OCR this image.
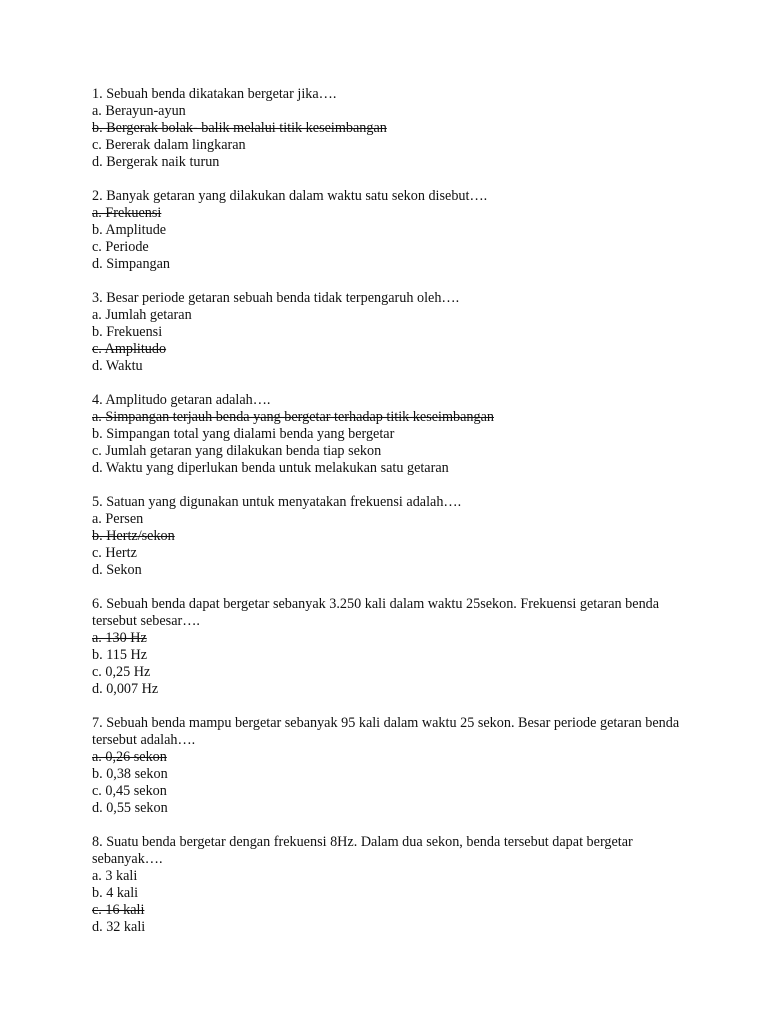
1. Sebuah benda dikatakan bergetar jika….
a. Berayun-ayun
b. Bergerak bolak- balik melalui titik keseimbangan
c. Bererak dalam lingkaran
d. Bergerak naik turun
2. Banyak getaran yang dilakukan dalam waktu satu sekon disebut….
a. Frekuensi
b. Amplitude
c. Periode
d. Simpangan
3. Besar periode getaran sebuah benda tidak terpengaruh oleh….
a. Jumlah getaran
b. Frekuensi
c. Amplitudo
d. Waktu
4. Amplitudo getaran adalah….
a. Simpangan terjauh benda yang bergetar terhadap titik keseimbangan
b. Simpangan total yang dialami benda yang bergetar
c. Jumlah getaran yang dilakukan benda tiap sekon
d. Waktu yang diperlukan benda untuk melakukan satu getaran
5. Satuan yang digunakan untuk menyatakan frekuensi adalah….
a. Persen
b. Hertz/sekon
c. Hertz
d. Sekon
6. Sebuah benda dapat bergetar sebanyak 3.250 kali dalam waktu 25sekon. Frekuensi getaran benda tersebut sebesar….
a. 130 Hz
b. 115 Hz
c. 0,25 Hz
d. 0,007 Hz
7. Sebuah benda mampu bergetar sebanyak 95 kali dalam waktu 25 sekon. Besar periode getaran benda tersebut adalah….
a. 0,26 sekon
b. 0,38 sekon
c. 0,45 sekon
d. 0,55 sekon
8. Suatu benda bergetar dengan frekuensi 8Hz. Dalam dua sekon, benda tersebut dapat bergetar sebanyak….
a. 3 kali
b. 4 kali
c. 16 kali
d. 32 kali
